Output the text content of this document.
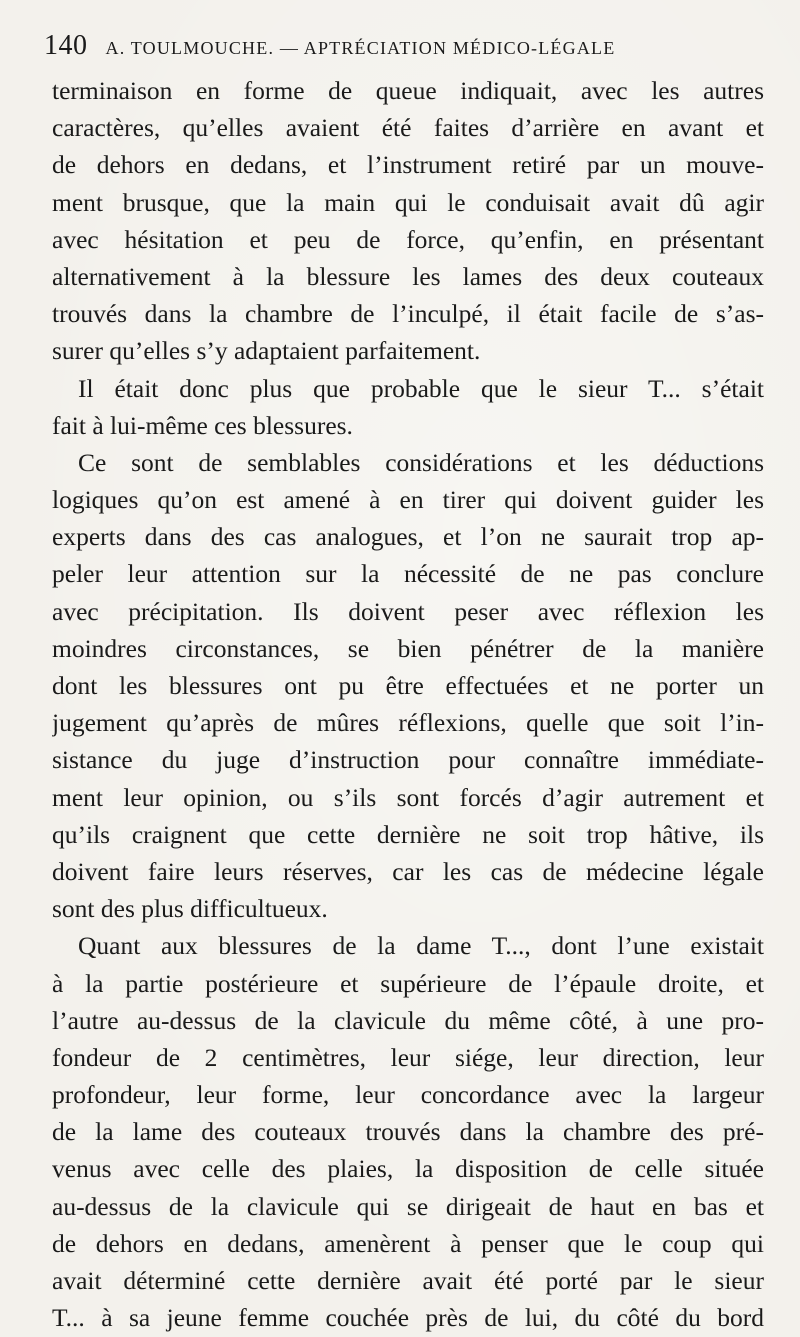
140 A. TOULMOUCHE. — APTRÉCIATION MÉDICO-LÉGALE
terminaison en forme de queue indiquait, avec les autres
caractères, qu’elles avaient été faites d’arrière en avant et
de dehors en dedans, et l’instrument retiré par un mouve-
ment brusque, que la main qui le conduisait avait dû agir
avec hésitation et peu de force, qu’enfin, en présentant
alternativement à la blessure les lames des deux couteaux
trouvés dans la chambre de l’inculpé, il était facile de s’as-
surer qu’elles s’y adaptaient parfaitement.
Il était donc plus que probable que le sieur T... s’était
fait à lui-même ces blessures.
Ce sont de semblables considérations et les déductions
logiques qu’on est amené à en tirer qui doivent guider les
experts dans des cas analogues, et l’on ne saurait trop ap-
peler leur attention sur la nécessité de ne pas conclure
avec précipitation. Ils doivent peser avec réflexion les
moindres circonstances, se bien pénétrer de la manière
dont les blessures ont pu être effectuées et ne porter un
jugement qu’après de mûres réflexions, quelle que soit l’in-
sistance du juge d’instruction pour connaître immédiate-
ment leur opinion, ou s’ils sont forcés d’agir autrement et
qu’ils craignent que cette dernière ne soit trop hâtive, ils
doivent faire leurs réserves, car les cas de médecine légale
sont des plus difficultueux.
Quant aux blessures de la dame T..., dont l’une existait
à la partie postérieure et supérieure de l’épaule droite, et
l’autre au-dessus de la clavicule du même côté, à une pro-
fondeur de 2 centimètres, leur siége, leur direction, leur
profondeur, leur forme, leur concordance avec la largeur
de la lame des couteaux trouvés dans la chambre des pré-
venus avec celle des plaies, la disposition de celle située
au-dessus de la clavicule qui se dirigeait de haut en bas et
de dehors en dedans, amenèrent à penser que le coup qui
avait déterminé cette dernière avait été porté par le sieur
T... à sa jeune femme couchée près de lui, du côté du bord
